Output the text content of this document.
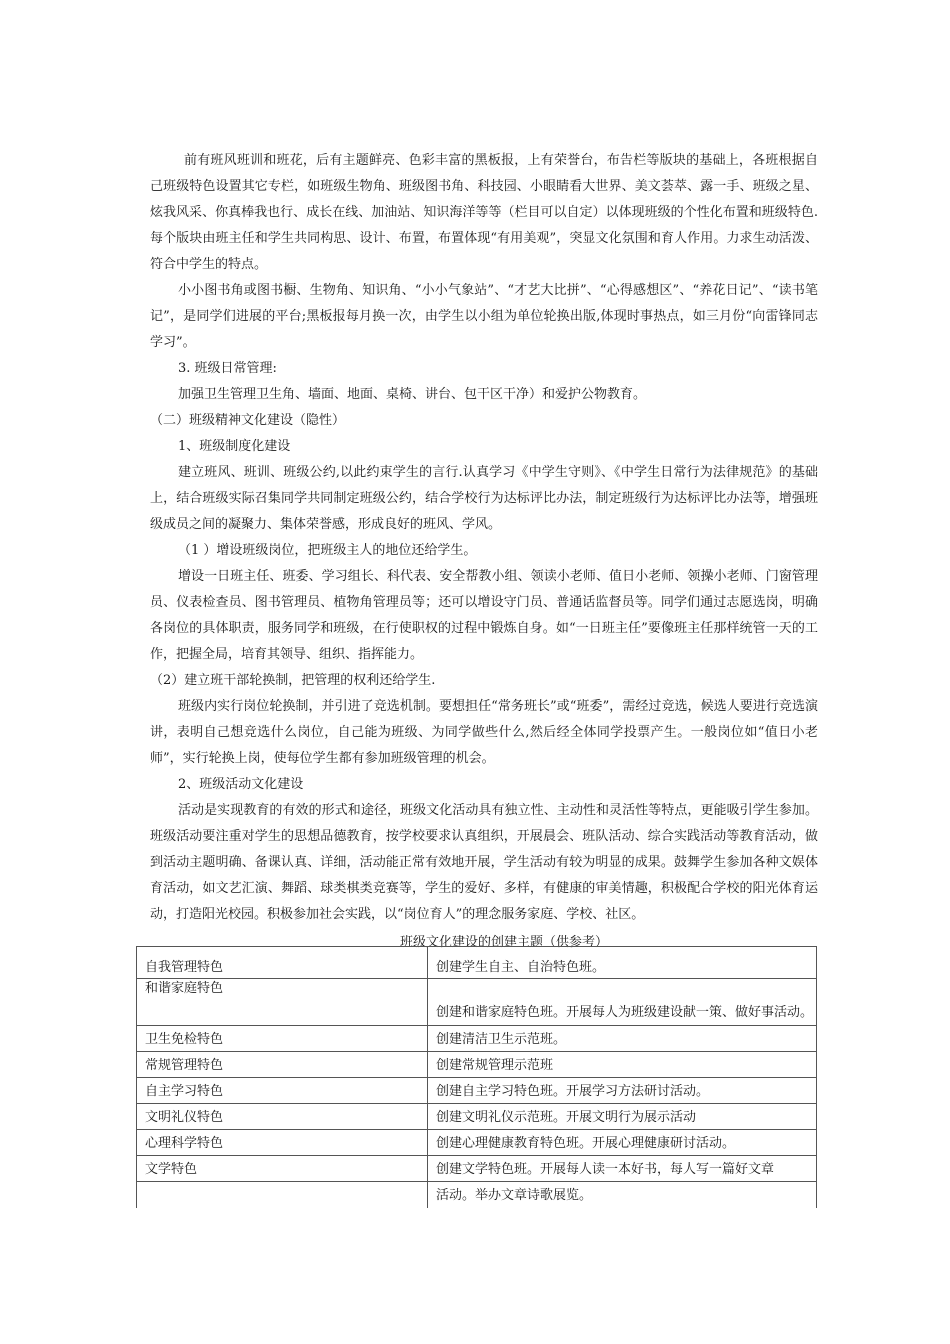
前有班风班训和班花，后有主题鲜亮、色彩丰富的黑板报，上有荣誉台，布告栏等版块的基础上，各班根据自己班级特色设置其它专栏，如班级生物角、班级图书角、科技园、小眼睛看大世界、美文荟萃、露一手、班级之星、炫我风采、你真棒我也行、成长在线、加油站、知识海洋等等（栏目可以自定）以体现班级的个性化布置和班级特色.每个版块由班主任和学生共同构思、设计、布置，布置体现“有用美观”，突显文化氛围和育人作用。力求生动活泼、符合中学生的特点。

小小图书角或图书橱、生物角、知识角、“小小气象站”、“才艺大比拼”、“心得感想区”、“养花日记”、“读书笔记”，是同学们进展的平台;黑板报每月换一次，由学生以小组为单位轮换出版,体现时事热点，如三月份“向雷锋同志学习”。

3. 班级日常管理:

加强卫生管理卫生角、墙面、地面、桌椅、讲台、包干区干净）和爱护公物教育。

（二）班级精神文化建设（隐性）

1、班级制度化建设

建立班风、班训、班级公约,以此约束学生的言行.认真学习《中学生守则》、《中学生日常行为法律规范》的基础上，结合班级实际召集同学共同制定班级公约，结合学校行为达标评比办法，制定班级行为达标评比办法等，增强班级成员之间的凝聚力、集体荣誉感，形成良好的班风、学风。

（1 ）增设班级岗位，把班级主人的地位还给学生。

增设一日班主任、班委、学习组长、科代表、安全帮教小组、领读小老师、值日小老师、领操小老师、门窗管理员、仪表检查员、图书管理员、植物角管理员等；还可以增设守门员、普通话监督员等。同学们通过志愿选岗，明确各岗位的具体职责，服务同学和班级，在行使职权的过程中锻炼自身。如“一日班主任”要像班主任那样统管一天的工作，把握全局，培育其领导、组织、指挥能力。

（2）建立班干部轮换制，把管理的权利还给学生.

班级内实行岗位轮换制，并引进了竞选机制。要想担任“常务班长”或“班委”，需经过竞选，候选人要进行竞选演讲，表明自己想竞选什么岗位，自己能为班级、为同学做些什么,然后经全体同学投票产生。一般岗位如“值日小老师”，实行轮换上岗，使每位学生都有参加班级管理的机会。

2、班级活动文化建设

活动是实现教育的有效的形式和途径，班级文化活动具有独立性、主动性和灵活性等特点，更能吸引学生参加。班级活动要注重对学生的思想品德教育，按学校要求认真组织，开展晨会、班队活动、综合实践活动等教育活动，做到活动主题明确、备课认真、详细，活动能正常有效地开展，学生活动有较为明显的成果。鼓舞学生参加各种文娱体育活动，如文艺汇演、舞蹈、球类棋类竞赛等，学生的爱好、多样，有健康的审美情趣，积极配合学校的阳光体育运动，打造阳光校园。积极参加社会实践，以“岗位育人”的理念服务家庭、学校、社区。

班级文化建设的创建主题（供参考）

自我管理特色	创建学生自主、自治特色班。
和谐家庭特色	创建和谐家庭特色班。开展每人为班级建设献一策、做好事活动。

卫生免检特色	创建清洁卫生示范班。
常规管理特色	创建常规管理示范班
自主学习特色	创建自主学习特色班。开展学习方法研讨活动。
文明礼仪特色	创建文明礼仪示范班。开展文明行为展示活动
心理科学特色	创建心理健康教育特色班。开展心理健康研讨活动。
文学特色	创建文学特色班。开展每人读一本好书，每人写一篇好文章
	活动。举办文章诗歌展览。
